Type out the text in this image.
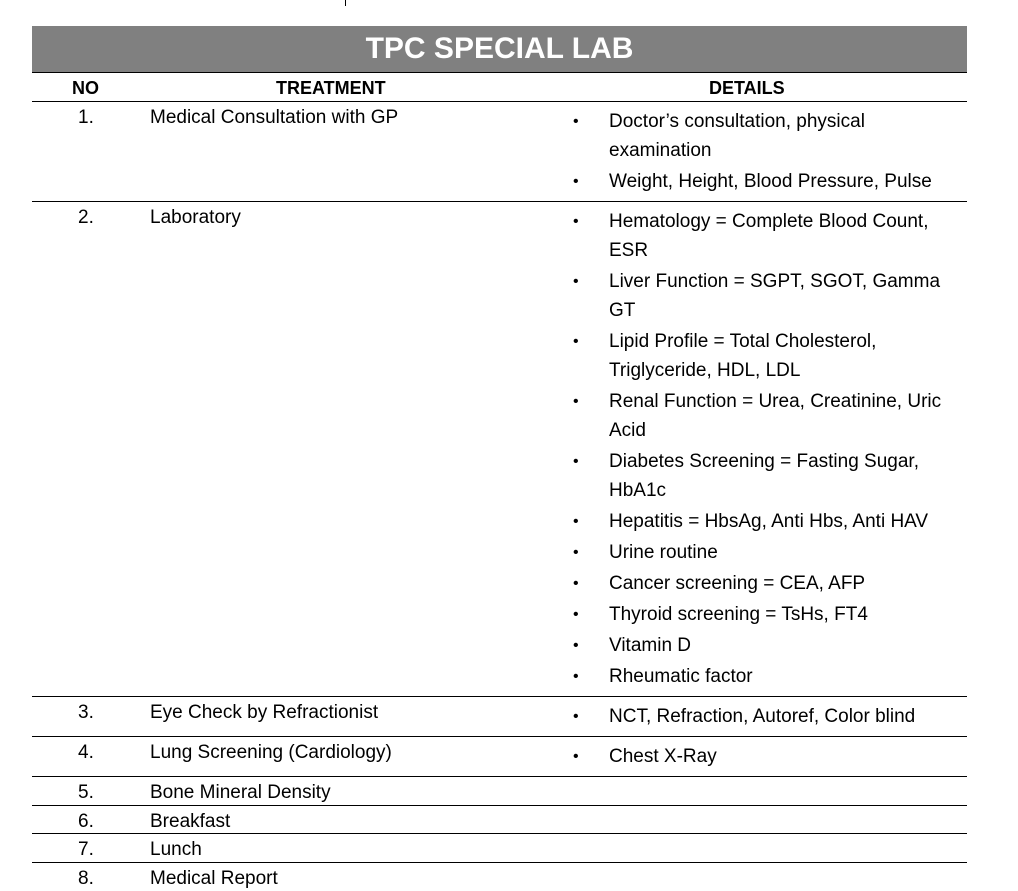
TPC SPECIAL LAB
NO	TREATMENT	DETAILS
1.	Medical Consultation with GP	• Doctor’s consultation, physical examination
• Weight, Height, Blood Pressure, Pulse
2.	Laboratory	• Hematology = Complete Blood Count, ESR
• Liver Function = SGPT, SGOT, Gamma GT
• Lipid Profile = Total Cholesterol, Triglyceride, HDL, LDL
• Renal Function = Urea, Creatinine, Uric Acid
• Diabetes Screening = Fasting Sugar, HbA1c
• Hepatitis = HbsAg, Anti Hbs, Anti HAV
• Urine routine
• Cancer screening = CEA, AFP
• Thyroid screening = TsHs, FT4
• Vitamin D
• Rheumatic factor
3.	Eye Check by Refractionist	• NCT, Refraction, Autoref, Color blind
4.	Lung Screening (Cardiology)	• Chest X-Ray
5.	Bone Mineral Density
6.	Breakfast
7.	Lunch
8.	Medical Report
